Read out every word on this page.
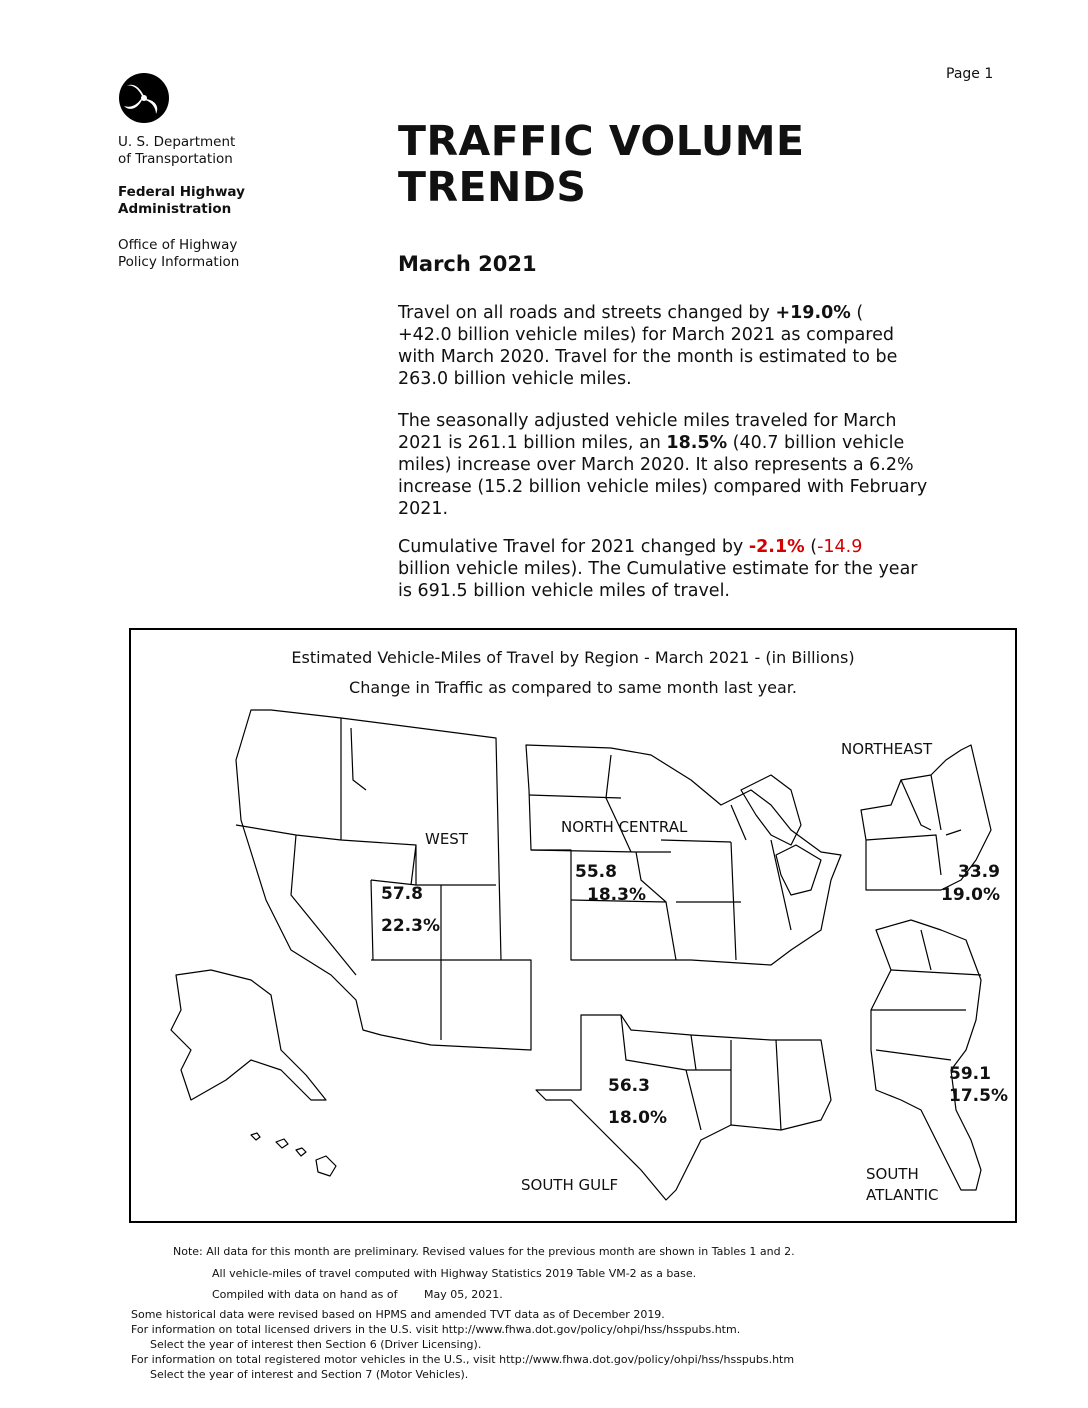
Page 1
U. S. Department
of Transportation
Federal Highway
Administration
Office of Highway
Policy Information
TRAFFIC VOLUME
TRENDS
March 2021
Travel on all roads and streets changed by +19.0% (
+42.0 billion vehicle miles) for March 2021 as compared
with March 2020. Travel for the month is estimated to be
263.0 billion vehicle miles.
The seasonally adjusted vehicle miles traveled for March
2021 is 261.1 billion miles, an 18.5% (40.7 billion vehicle
miles) increase over March 2020. It also represents a 6.2%
increase (15.2 billion vehicle miles) compared with February
2021.
Cumulative Travel for 2021 changed by -2.1% (-14.9
billion vehicle miles). The Cumulative estimate for the year
is 691.5 billion vehicle miles of travel.
Estimated Vehicle-Miles of Travel by Region - March 2021 - (in Billions)
Change in Traffic as compared to same month last year.
WEST
57.8
22.3%
NORTH CENTRAL
55.8
18.3%
NORTHEAST
33.9
19.0%
56.3
18.0%
SOUTH GULF
59.1
17.5%
SOUTH
ATLANTIC
Note: All data for this month are preliminary. Revised values for the previous month are shown in Tables 1 and 2.
All vehicle-miles of travel computed with Highway Statistics 2019 Table VM-2 as a base.
Compiled with data on hand as of May 05, 2021.
Some historical data were revised based on HPMS and amended TVT data as of December 2019.
For information on total licensed drivers in the U.S. visit http://www.fhwa.dot.gov/policy/ohpi/hss/hsspubs.htm.
Select the year of interest then Section 6 (Driver Licensing).
For information on total registered motor vehicles in the U.S., visit http://www.fhwa.dot.gov/policy/ohpi/hss/hsspubs.htm
Select the year of interest and Section 7 (Motor Vehicles).
